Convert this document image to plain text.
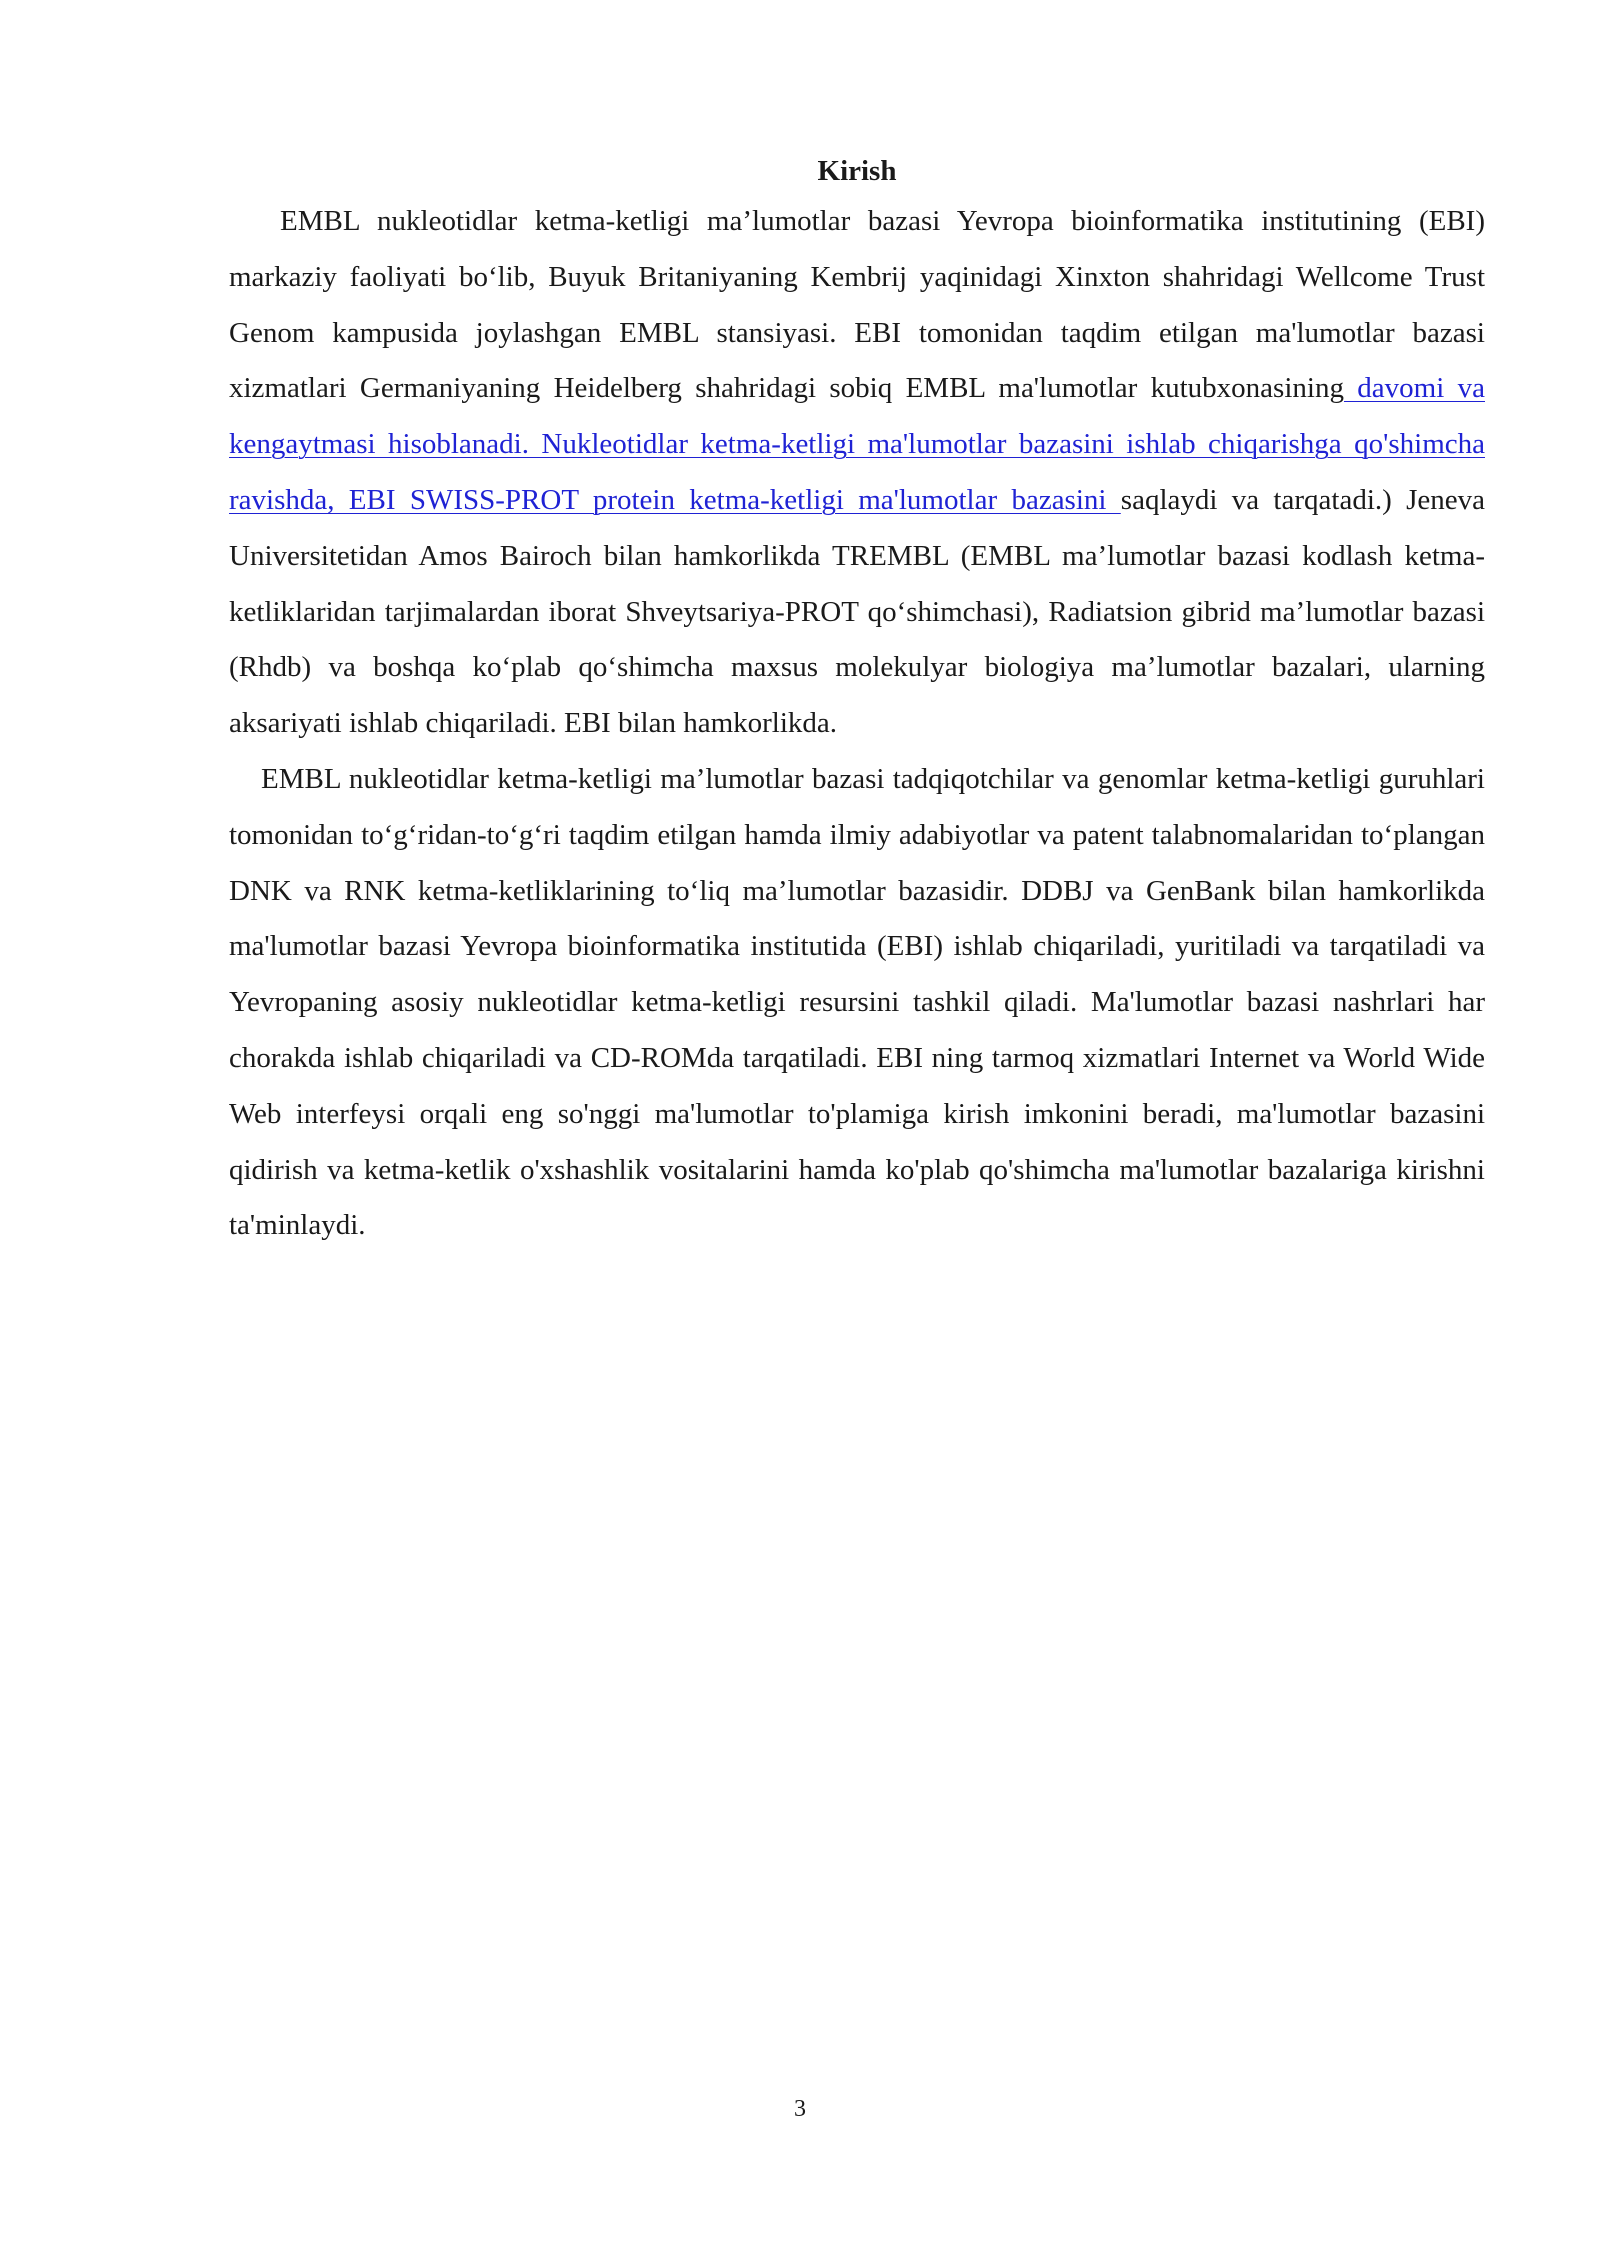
Kirish

EMBL nukleotidlar ketma-ketligi ma’lumotlar bazasi Yevropa bioinformatika institutining (EBI) markaziy faoliyati bo‘lib, Buyuk Britaniyaning Kembrij yaqinidagi Xinxton shahridagi Wellcome Trust Genom kampusida joylashgan EMBL stansiyasi. EBI tomonidan taqdim etilgan ma'lumotlar bazasi xizmatlari Germaniyaning Heidelberg shahridagi sobiq EMBL ma'lumotlar kutubxonasining davomi va kengaytmasi hisoblanadi. Nukleotidlar ketma-ketligi ma'lumotlar bazasini ishlab chiqarishga qo'shimcha ravishda, EBI SWISS-PROT protein ketma-ketligi ma'lumotlar bazasini saqlaydi va tarqatadi.) Jeneva Universitetidan Amos Bairoch bilan hamkorlikda TREMBL (EMBL ma’lumotlar bazasi kodlash ketma-ketliklaridan tarjimalardan iborat Shveytsariya-PROT qo‘shimchasi), Radiatsion gibrid ma’lumotlar bazasi (Rhdb) va boshqa ko‘plab qo‘shimcha maxsus molekulyar biologiya ma’lumotlar bazalari, ularning aksariyati ishlab chiqariladi. EBI bilan hamkorlikda.

EMBL nukleotidlar ketma-ketligi ma’lumotlar bazasi tadqiqotchilar va genomlar ketma-ketligi guruhlari tomonidan to‘g‘ridan-to‘g‘ri taqdim etilgan hamda ilmiy adabiyotlar va patent talabnomalaridan to‘plangan DNK va RNK ketma-ketliklarining to‘liq ma’lumotlar bazasidir. DDBJ va GenBank bilan hamkorlikda ma'lumotlar bazasi Yevropa bioinformatika institutida (EBI) ishlab chiqariladi, yuritiladi va tarqatiladi va Yevropaning asosiy nukleotidlar ketma-ketligi resursini tashkil qiladi. Ma'lumotlar bazasi nashrlari har chorakda ishlab chiqariladi va CD-ROMda tarqatiladi. EBI ning tarmoq xizmatlari Internet va World Wide Web interfeysi orqali eng so'nggi ma'lumotlar to'plamiga kirish imkonini beradi, ma'lumotlar bazasini qidirish va ketma-ketlik o'xshashlik vositalarini hamda ko'plab qo'shimcha ma'lumotlar bazalariga kirishni ta'minlaydi.

3
